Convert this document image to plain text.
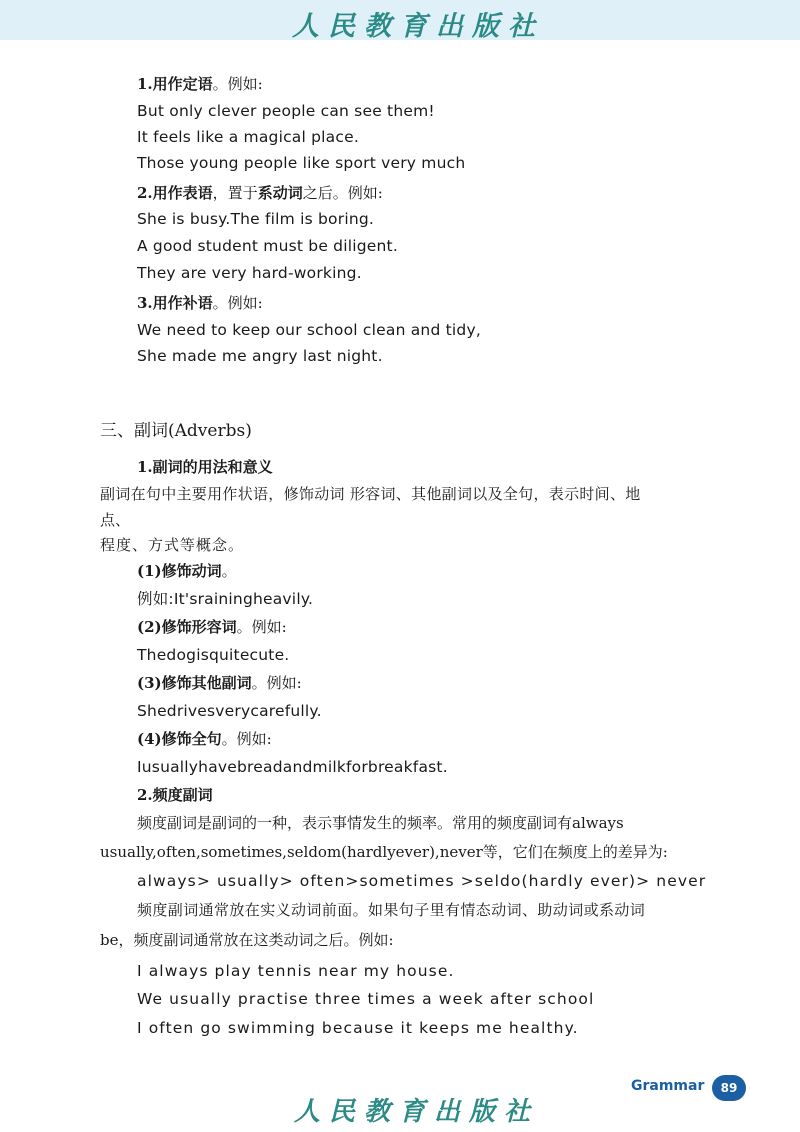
人民教育出版社
1.用作定语。例如:
But only clever people can see them!
It feels like a magical place.
Those young people like sport very much
2.用作表语，置于系动词之后。例如:
She is busy.The film is boring.
A good student must be diligent.
They are very hard-working.
3.用作补语。例如:
We need to keep our school clean and tidy,
She made me angry last night.
三、副词(Adverbs)
1.副词的用法和意义
副词在句中主要用作状语，修饰动词 形容词、其他副词以及全句，表示时间、地
点、
程度、方式等概念。
(1)修饰动词。
例如:It'srainingheavily.
(2)修饰形容词。例如:
Thedogisquitecute.
(3)修饰其他副词。例如:
Shedrivesverycarefully.
(4)修饰全句。例如:
Iusuallyhavebreadandmilkforbreakfast.
2.频度副词
频度副词是副词的一种，表示事情发生的频率。常用的频度副词有always
usually,often,sometimes,seldom(hardlyever),never等，它们在频度上的差异为:
always> usually> often>sometimes >seldo(hardly ever)> never
频度副词通常放在实义动词前面。如果句子里有情态动词、助动词或系动词
be，频度副词通常放在这类动词之后。例如:
I always play tennis near my house.
We usually practise three times a week after school
I often go swimming because it keeps me healthy.
Grammar	89
人民教育出版社
